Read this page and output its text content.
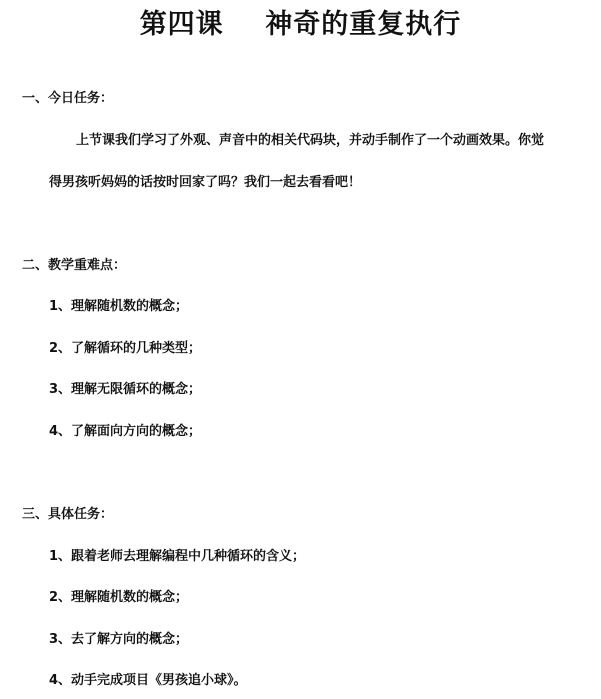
第四课    神奇的重复执行
一、今日任务：
上节课我们学习了外观、声音中的相关代码块，并动手制作了一个动画效果。你觉
得男孩听妈妈的话按时回家了吗？我们一起去看看吧！
二、教学重难点：
1、理解随机数的概念；
2、了解循环的几种类型；
3、理解无限循环的概念；
4、了解面向方向的概念；
三、具体任务：
1、跟着老师去理解编程中几种循环的含义；
2、理解随机数的概念；
3、去了解方向的概念；
4、动手完成项目《男孩追小球》。
